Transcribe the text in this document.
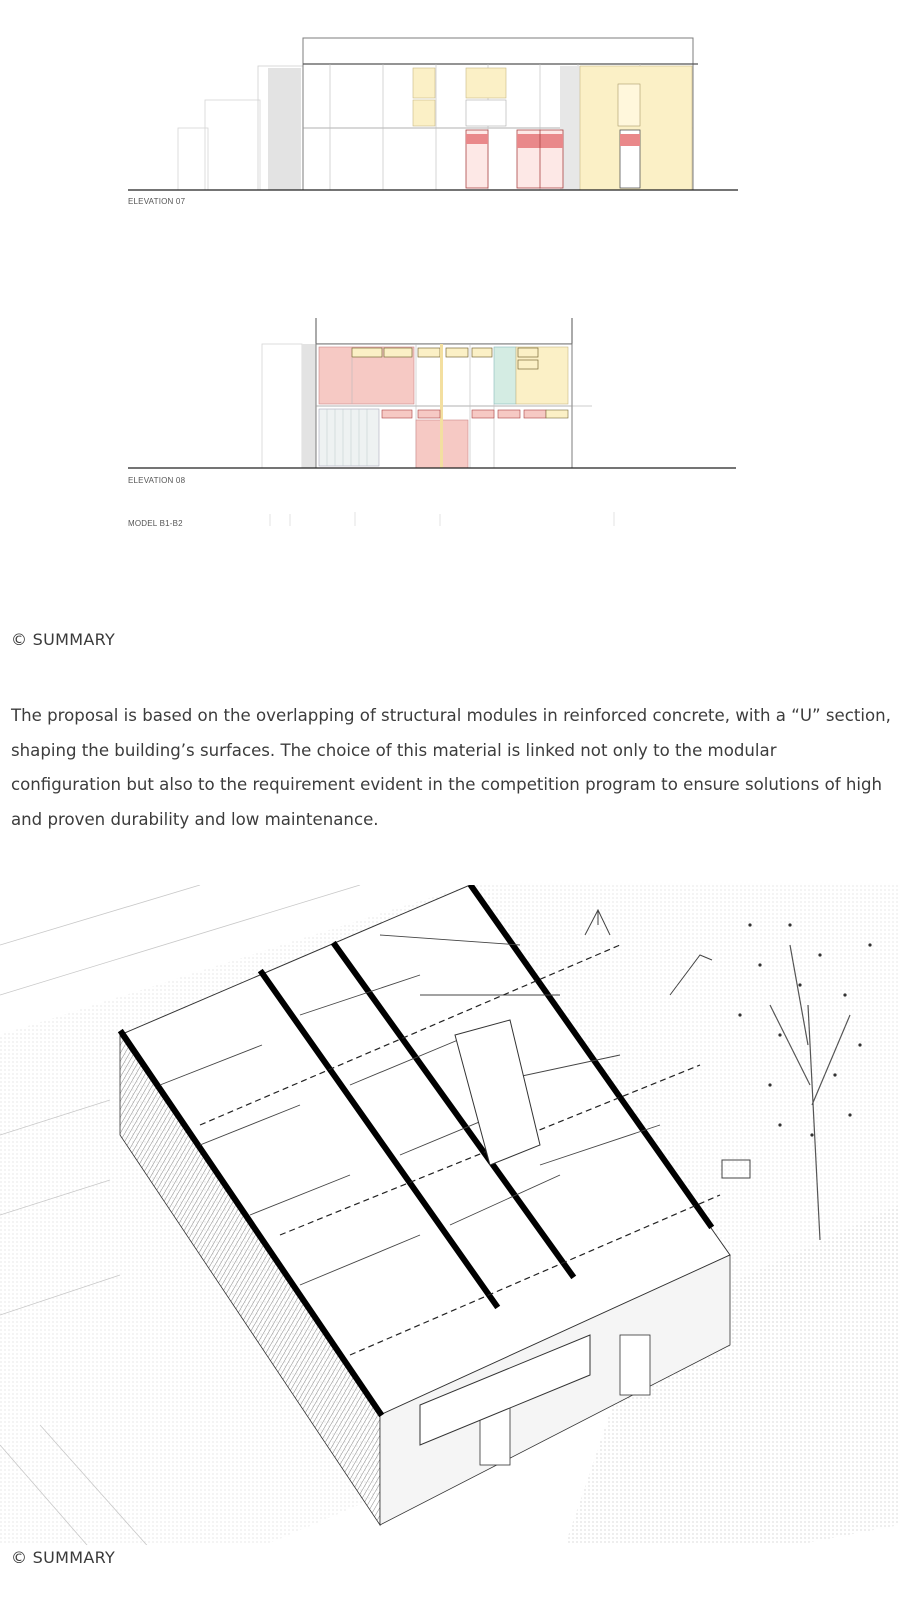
ELEVATION 07
ELEVATION 08
MODEL B1-B2
© SUMMARY

The proposal is based on the overlapping of structural modules in reinforced concrete, with a “U” section, shaping the building’s surfaces. The choice of this material is linked not only to the modular configuration but also to the requirement evident in the competition program to ensure solutions of high and proven durability and low maintenance.

© SUMMARY
